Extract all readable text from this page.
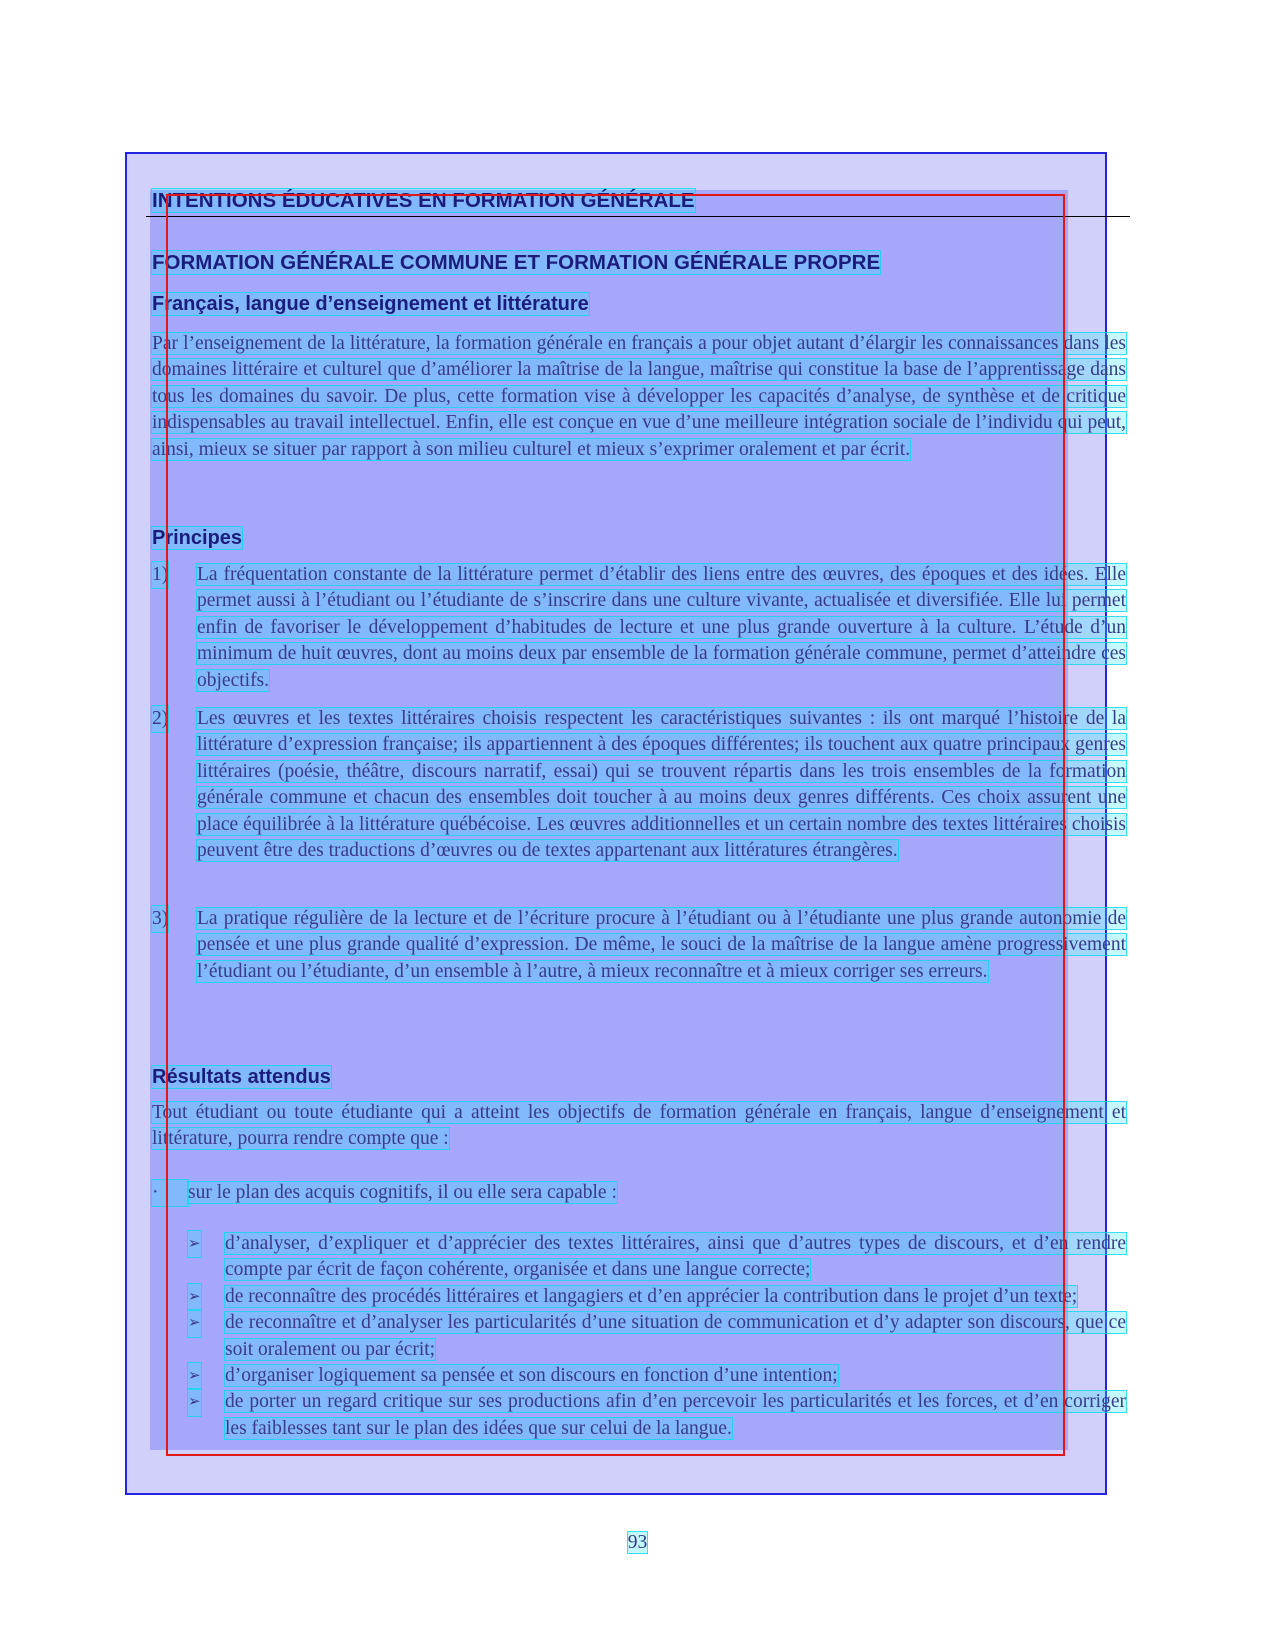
INTENTIONS ÉDUCATIVES EN FORMATION GÉNÉRALE
FORMATION GÉNÉRALE COMMUNE ET FORMATION GÉNÉRALE PROPRE
Français, langue d’enseignement et littérature
Par l’enseignement de la littérature, la formation générale en français a pour objet autant d’élargir les connaissances dans les domaines littéraire et culturel que d’améliorer la maîtrise de la langue, maîtrise qui constitue la base de l’apprentissage dans tous les domaines du savoir. De plus, cette formation vise à développer les capacités d’analyse, de synthèse et de critique indispensables au travail intellectuel. Enfin, elle est conçue en vue d’une meilleure intégration sociale de l’individu qui peut, ainsi, mieux se situer par rapport à son milieu culturel et mieux s’exprimer oralement et par écrit.
Principes
1) La fréquentation constante de la littérature permet d’établir des liens entre des œuvres, des époques et des idées. Elle permet aussi à l’étudiant ou l’étudiante de s’inscrire dans une culture vivante, actualisée et diversifiée. Elle lui permet enfin de favoriser le développement d’habitudes de lecture et une plus grande ouverture à la culture. L’étude d’un minimum de huit œuvres, dont au moins deux par ensemble de la formation générale commune, permet d’atteindre ces objectifs.
2) Les œuvres et les textes littéraires choisis respectent les caractéristiques suivantes : ils ont marqué l’histoire de la littérature d’expression française; ils appartiennent à des époques différentes; ils touchent aux quatre principaux genres littéraires (poésie, théâtre, discours narratif, essai) qui se trouvent répartis dans les trois ensembles de la formation générale commune et chacun des ensembles doit toucher à au moins deux genres différents. Ces choix assurent une place équilibrée à la littérature québécoise. Les œuvres additionnelles et un certain nombre des textes littéraires choisis peuvent être des traductions d’œuvres ou de textes appartenant aux littératures étrangères.
3) La pratique régulière de la lecture et de l’écriture procure à l’étudiant ou à l’étudiante une plus grande autonomie de pensée et une plus grande qualité d’expression. De même, le souci de la maîtrise de la langue amène progressivement l’étudiant ou l’étudiante, d’un ensemble à l’autre, à mieux reconnaître et à mieux corriger ses erreurs.
Résultats attendus
Tout étudiant ou toute étudiante qui a atteint les objectifs de formation générale en français, langue d’enseignement et littérature, pourra rendre compte que :
· sur le plan des acquis cognitifs, il ou elle sera capable :
➢ d’analyser, d’expliquer et d’apprécier des textes littéraires, ainsi que d’autres types de discours, et d’en rendre compte par écrit de façon cohérente, organisée et dans une langue correcte;
➢ de reconnaître des procédés littéraires et langagiers et d’en apprécier la contribution dans le projet d’un texte;
➢ de reconnaître et d’analyser les particularités d’une situation de communication et d’y adapter son discours, que ce soit oralement ou par écrit;
➢ d’organiser logiquement sa pensée et son discours en fonction d’une intention;
➢ de porter un regard critique sur ses productions afin d’en percevoir les particularités et les forces, et d’en corriger les faiblesses tant sur le plan des idées que sur celui de la langue.
93
